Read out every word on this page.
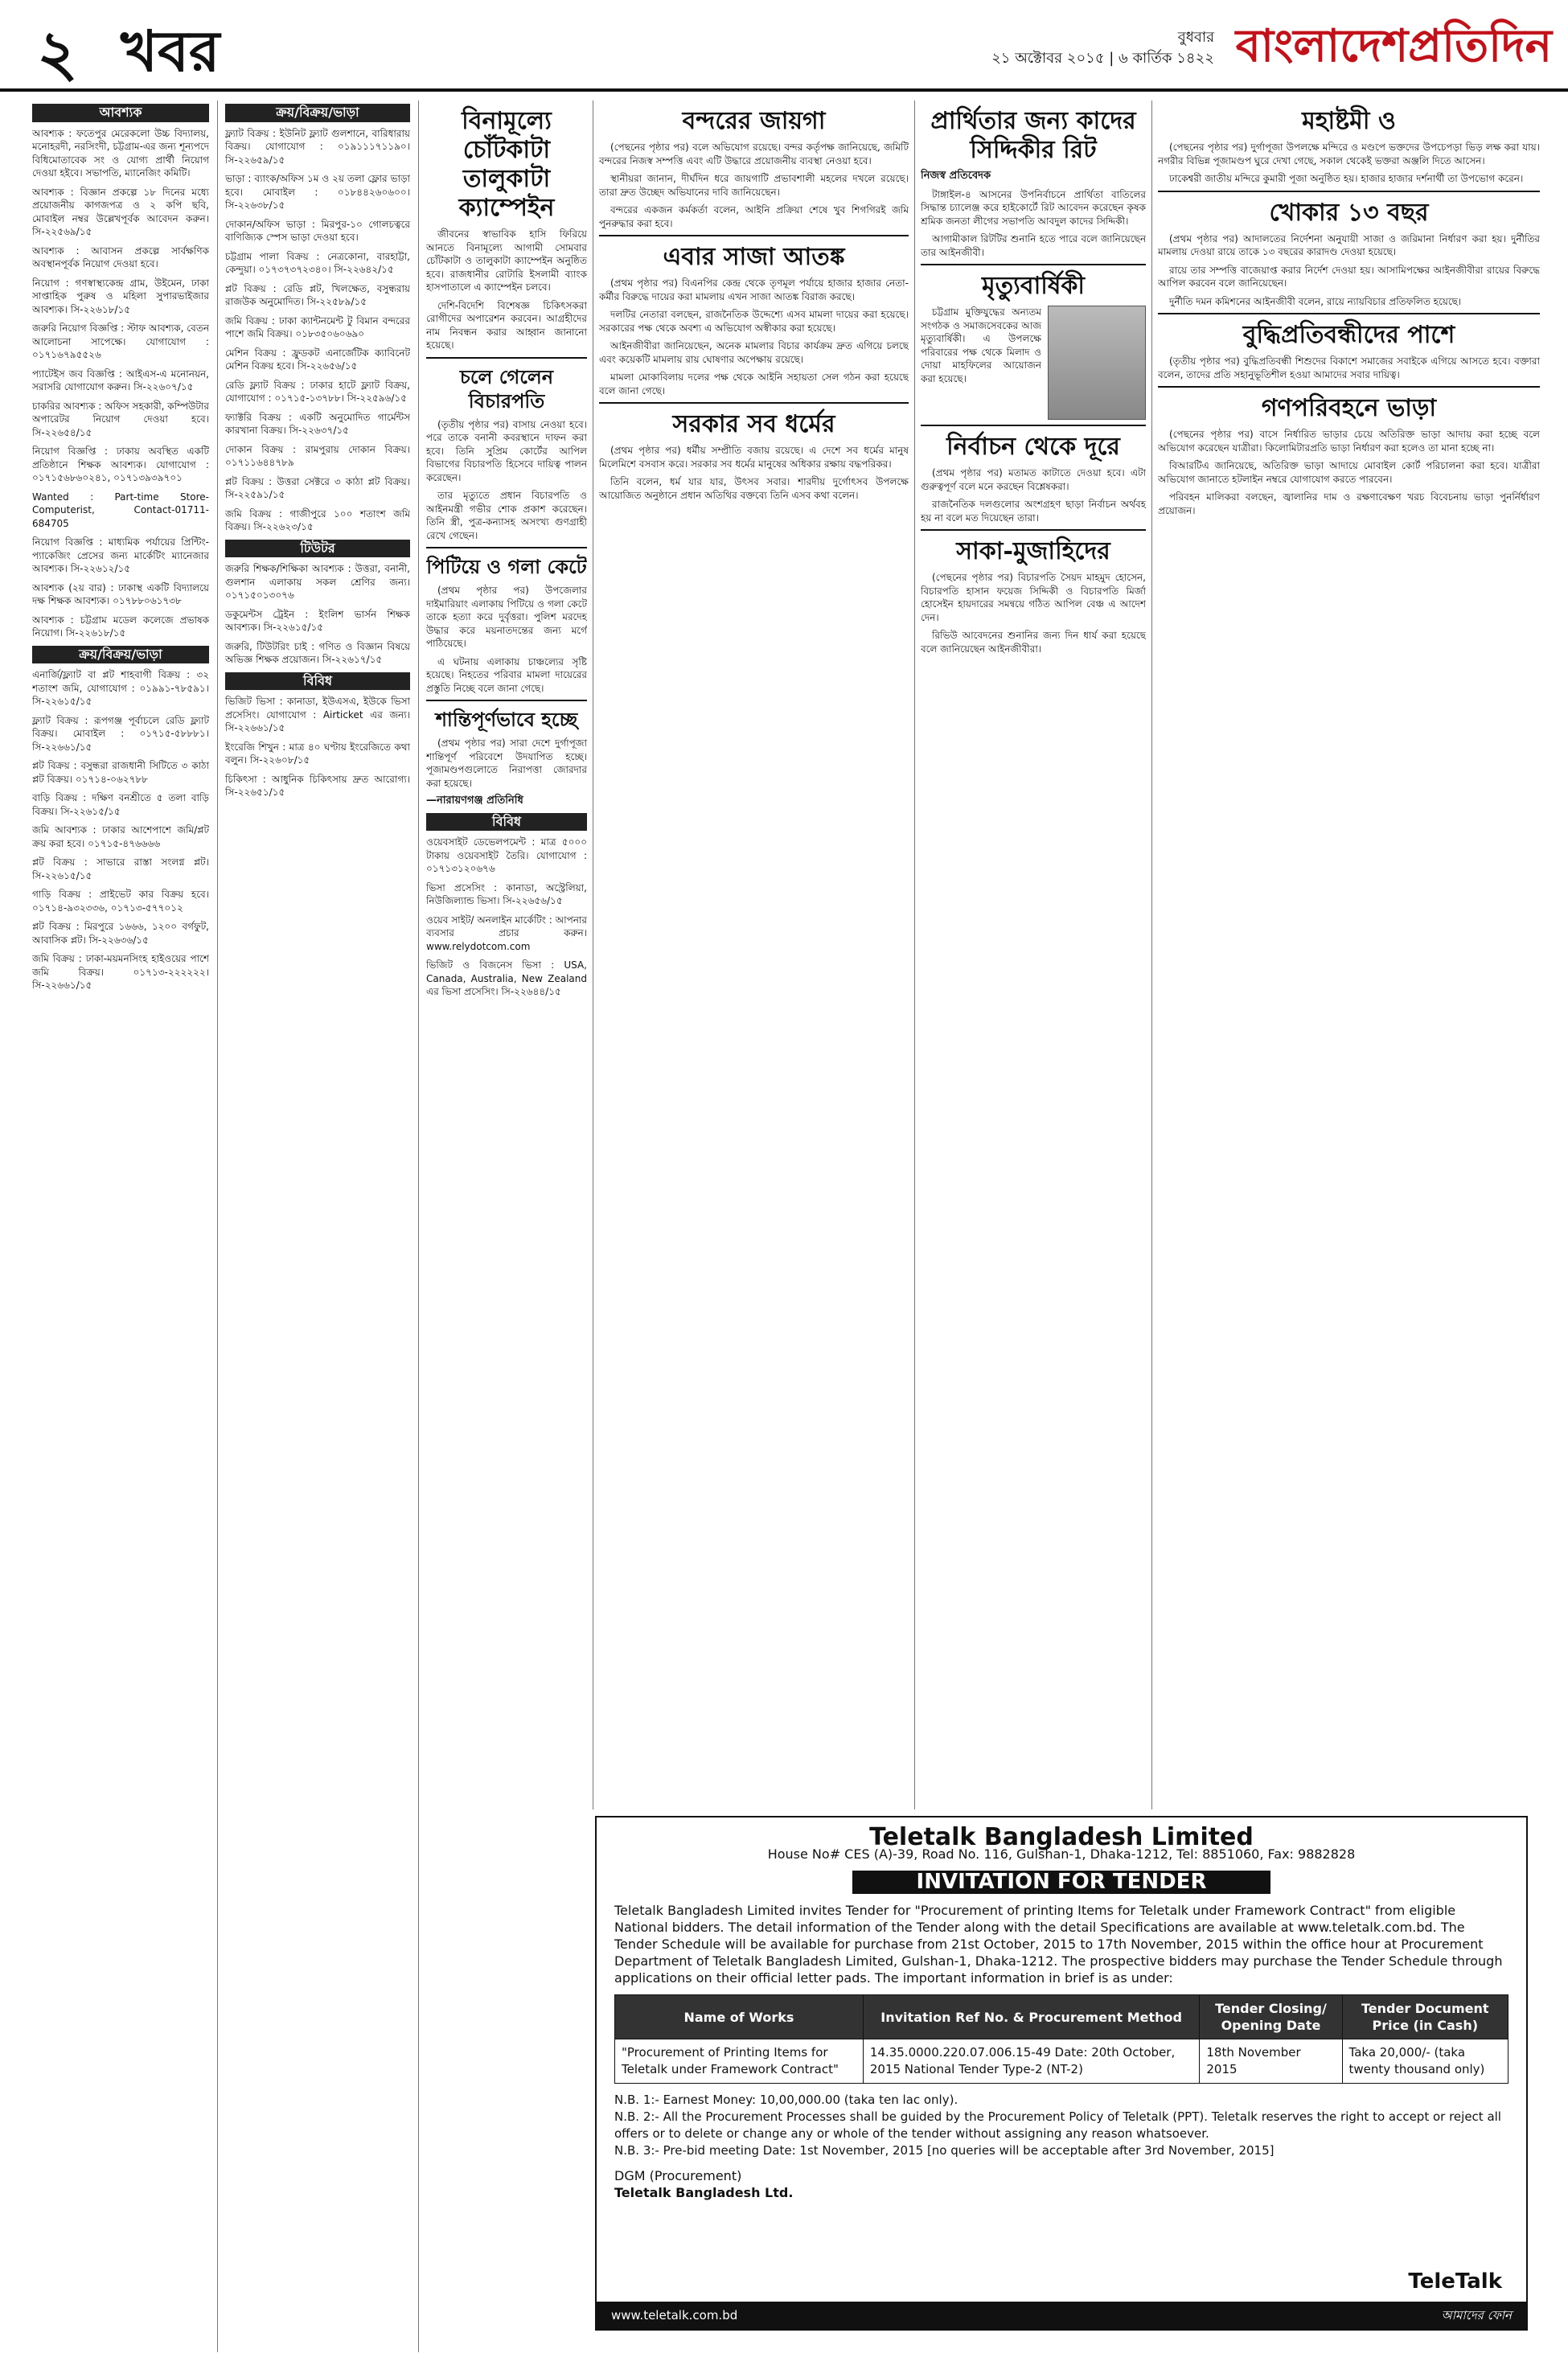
২ খবর	বুধবার
২১ অক্টোবর ২০১৫ | ৬ কার্তিক ১৪২২ বাংলাদেশপ্রতিদিন
আবশ্যক
আবশ্যক : ফতেপুর মেরেকলো উচ্চ বিদ্যালয়, মনোহরদী, নরসিংদী, চট্টগ্রাম-এর জন্য শূন্যপদে বিধিমোতাবেক সং ও যোগ্য প্রার্থী নিয়োগ দেওয়া হইবে। সভাপতি, ম্যানেজিং কমিটি।
আবশ্যক : বিজ্ঞান প্রকল্পে ১৮ দিনের মধ্যে প্রয়োজনীয় কাগজপত্র ও ২ কপি ছবি, মোবাইল নম্বর উল্লেখপূর্বক আবেদন করুন। সি-২২৫৬৯/১৫
আবশ্যক : আবাসন প্রকল্পে সার্বক্ষণিক অবস্থানপূর্বক নিয়োগ দেওয়া হবে।
নিয়োগ : গণস্বাস্থ্যকেন্দ্র গ্রাম, উইমেন, ঢাকা সাপ্তাহিক পুরুষ ও মহিলা সুপারভাইজার আবশ্যক। সি-২২৬১৮/১৫
জরুরি নিয়োগ বিজ্ঞপ্তি : স্টাফ আবশ্যক, বেতন আলোচনা সাপেক্ষে। যোগাযোগ : ০১৭১৬৭৯৫৫২৬
প্যাটেইস জব বিজ্ঞপ্তি : আইএস-এ মনোনয়ন, সরাসরি যোগাযোগ করুন। সি-২২৬০৭/১৫
চাকরির আবশ্যক : অফিস সহকারী, কম্পিউটার অপারেটর নিয়োগ দেওয়া হবে। সি-২২৬৫৪/১৫
নিয়োগ বিজ্ঞপ্তি : ঢাকায় অবস্থিত একটি প্রতিষ্ঠানে শিক্ষক আবশ্যক। যোগাযোগ : ০১৭১৫৬৮৬০২৪১, ০১৭১৩৯৩৯৭০১
Wanted : Part-time Store-Computerist, Contact-01711-684705
নিয়োগ বিজ্ঞপ্তি : মাধ্যমিক পর্যায়ের প্রিন্টিং-প্যাকেজিং প্রেসের জন্য মার্কেটিং ম্যানেজার আবশ্যক। সি-২২৬১২/১৫
আবশ্যক (২য় বার) : ঢাকাস্থ একটি বিদ্যালয়ে দক্ষ শিক্ষক আবশ্যক। ০১৭৮৮০৬১৭৩৮
আবশ্যক : চট্টগ্রাম মডেল কলেজে প্রভাষক নিয়োগ। সি-২২৬১৮/১৫
ক্রয়/বিক্রয়/ভাড়া
এনার্জি/ফ্ল্যাট বা প্লট শাহবাগী বিক্রয় : ৩২ শতাংশ জমি, যোগাযোগ : ০১৯৯১-৭৮৫৯১। সি-২২৬১৫/১৫
ফ্ল্যাট বিক্রয় : রূপগঞ্জ পূর্বাচলে রেডি ফ্ল্যাট বিক্রয়। মোবাইল : ০১৭১৫-৫৮৮৮১। সি-২২৬৬১/১৫
প্লট বিক্রয় : বসুন্ধরা রাজধানী সিটিতে ৩ কাঠা প্লট বিক্রয়। ০১৭১৪-০৬২৭৮৮
বাড়ি বিক্রয় : দক্ষিণ বনশ্রীতে ৫ তলা বাড়ি বিক্রয়। সি-২২৬১৫/১৫
জমি আবশ্যক : ঢাকার আশেপাশে জমি/প্লট ক্রয় করা হবে। ০১৭১৫-৪৭৬৬৬৬
প্লট বিক্রয় : সাভারে রাস্তা সংলগ্ন প্লট। সি-২২৬১৫/১৫
গাড়ি বিক্রয় : প্রাইভেট কার বিক্রয় হবে। ০১৭১৪-৯৩২৩৩৬, ০১৭১৩-৫৭৭০১২
প্লট বিক্রয় : মিরপুরে ১৬৬৬, ১২০০ বর্গফুট, আবাসিক প্লট। সি-২২৬৩৬/১৫
জমি বিক্রয় : ঢাকা-ময়মনসিংহ হাইওয়ের পাশে জমি বিক্রয়। ০১৭১৩-২২২২২২। সি-২২৬৬১/১৫
ক্রয়/বিক্রয়/ভাড়া
ফ্ল্যাট বিক্রয় : ইউনিট ফ্ল্যাট গুলশানে, বারিধারায় বিক্রয়। যোগাযোগ : ০১৯১১১৭১১৯০। সি-২২৬৫৯/১৫
ভাড়া : ব্যাংক/অফিস ১ম ও ২য় তলা ফ্লোর ভাড়া হবে। মোবাইল : ০১৮৪৪২৬০৬০০। সি-২২৬৩৮/১৫
দোকান/অফিস ভাড়া : মিরপুর-১০ গোলচত্বরে বাণিজ্যিক স্পেস ভাড়া দেওয়া হবে।
চট্টগ্রাম পালা বিক্রয় : নেত্রকোনা, বারহাট্টা, কেন্দুয়া। ০১৭৩৭৩৭২৩৪০। সি-২২৬৪২/১৫
প্লট বিক্রয় : রেডি প্লট, খিলক্ষেত, বসুন্ধরায় রাজউক অনুমোদিত। সি-২২৫৮৯/১৫
জমি বিক্রয় : ঢাকা ক্যান্টনমেন্ট টু বিমান বন্দরের পাশে জমি বিক্রয়। ০১৮৩৫০৬০৬৯০
মেশিন বিক্রয় : ফ্রুডকট এনার্জেটিক ক্যাবিনেট মেশিন বিক্রয় হবে। সি-২২৬৫৬/১৫
রেডি ফ্ল্যাট বিক্রয় : ঢাকার হাটে ফ্ল্যাট বিক্রয়, যোগাযোগ : ০১৭১৫-১৩৭৮৮। সি-২২৫৯৬/১৫
ফ্যাক্টরি বিক্রয় : একটি অনুমোদিত গার্মেন্টস কারখানা বিক্রয়। সি-২২৬৩৭/১৫
দোকান বিক্রয় : রামপুরায় দোকান বিক্রয়। ০১৭১১৬৪৪৭৮৯
প্লট বিক্রয় : উত্তরা সেক্টরে ৩ কাঠা প্লট বিক্রয়। সি-২২৫৯১/১৫
জমি বিক্রয় : গাজীপুরে ১০০ শতাংশ জমি বিক্রয়। সি-২২৬২৩/১৫
টিউটর
জরুরি শিক্ষক/শিক্ষিকা আবশ্যক : উত্তরা, বনানী, গুলশান এলাকায় সকল শ্রেণির জন্য। ০১৭১৫০১৩০৭৬
ডকুমেন্টস ট্রেইন : ইংলিশ ভার্সন শিক্ষক আবশ্যক। সি-২২৬১৫/১৫
জরুরি, টিউটরিং চাই : গণিত ও বিজ্ঞান বিষয়ে অভিজ্ঞ শিক্ষক প্রয়োজন। সি-২২৬১৭/১৫
বিবিধ
ভিজিট ভিসা : কানাডা, ইউএসএ, ইউকে ভিসা প্রসেসিং। যোগাযোগ : Airticket এর জন্য। সি-২২৬৬১/১৫
ইংরেজি শিখুন : মাত্র ৪০ ঘণ্টায় ইংরেজিতে কথা বলুন। সি-২২৬০৮/১৫
চিকিৎসা : আধুনিক চিকিৎসায় দ্রুত আরোগ্য। সি-২২৬৫১/১৫
বিনামূল্যে চোঁটকাটা তালুকাটা ক্যাম্পেইন

জীবনের স্বাভাবিক হাসি ফিরিয়ে আনতে বিনামূল্যে আগামী সোমবার চোঁটকাটা ও তালুকাটা ক্যাম্পেইন অনুষ্ঠিত হবে। রাজধানীর রোটারি ইসলামী ব্যাংক হাসপাতালে এ ক্যাম্পেইন চলবে।

দেশি-বিদেশি বিশেষজ্ঞ চিকিৎসকরা রোগীদের অপারেশন করবেন। আগ্রহীদের নাম নিবন্ধন করার আহ্বান জানানো হয়েছে।

চলে গেলেন বিচারপতি

(তৃতীয় পৃষ্ঠার পর) বাসায় নেওয়া হবে। পরে তাকে বনানী কবরস্থানে দাফন করা হবে। তিনি সুপ্রিম কোর্টের আপিল বিভাগের বিচারপতি হিসেবে দায়িত্ব পালন করেছেন।

তার মৃত্যুতে প্রধান বিচারপতি ও আইনমন্ত্রী গভীর শোক প্রকাশ করেছেন। তিনি স্ত্রী, পুত্র-কন্যাসহ অসংখ্য গুণগ্রাহী রেখে গেছেন।

পিটিয়ে ও গলা কেটে

(প্রথম পৃষ্ঠার পর) উপজেলার দাইমারিয়াং এলাকায় পিটিয়ে ও গলা কেটে তাকে হত্যা করে দুর্বৃত্তরা। পুলিশ মরদেহ উদ্ধার করে ময়নাতদন্তের জন্য মর্গে পাঠিয়েছে।

এ ঘটনায় এলাকায় চাঞ্চল্যের সৃষ্টি হয়েছে। নিহতের পরিবার মামলা দায়েরের প্রস্তুতি নিচ্ছে বলে জানা গেছে।

শান্তিপূর্ণভাবে হচ্ছে

(প্রথম পৃষ্ঠার পর) সারা দেশে দুর্গাপূজা শান্তিপূর্ণ পরিবেশে উদযাপিত হচ্ছে। পূজামণ্ডপগুলোতে নিরাপত্তা জোরদার করা হয়েছে।

—নারায়ণগঞ্জ প্রতিনিধি
বিবিধ
ওয়েবসাইট ডেভেলপমেন্ট : মাত্র ৫০০০ টাকায় ওয়েবসাইট তৈরি। যোগাযোগ : ০১৭১৩১২০৬৭৬
ভিসা প্রসেসিং : কানাডা, অস্ট্রেলিয়া, নিউজিল্যান্ড ভিসা। সি-২২৬৫৬/১৫
ওয়েব সাইট/ অনলাইন মার্কেটিং : আপনার ব্যবসার প্রচার করুন। www.relydotcom.com
ভিজিট ও বিজনেস ভিসা : USA, Canada, Australia, New Zealand এর ভিসা প্রসেসিং। সি-২২৬৪৪/১৫
বন্দরের জায়গা

(পেছনের পৃষ্ঠার পর) বলে অভিযোগ রয়েছে। বন্দর কর্তৃপক্ষ জানিয়েছে, জমিটি বন্দরের নিজস্ব সম্পত্তি এবং এটি উদ্ধারে প্রয়োজনীয় ব্যবস্থা নেওয়া হবে।

স্থানীয়রা জানান, দীর্ঘদিন ধরে জায়গাটি প্রভাবশালী মহলের দখলে রয়েছে। তারা দ্রুত উচ্ছেদ অভিযানের দাবি জানিয়েছেন।

বন্দরের একজন কর্মকর্তা বলেন, আইনি প্রক্রিয়া শেষে খুব শিগগিরই জমি পুনরুদ্ধার করা হবে।

এবার সাজা আতঙ্ক

(প্রথম পৃষ্ঠার পর) বিএনপির কেন্দ্র থেকে তৃণমূল পর্যায়ে হাজার হাজার নেতা-কর্মীর বিরুদ্ধে দায়ের করা মামলায় এখন সাজা আতঙ্ক বিরাজ করছে।

দলটির নেতারা বলছেন, রাজনৈতিক উদ্দেশ্যে এসব মামলা দায়ের করা হয়েছে। সরকারের পক্ষ থেকে অবশ্য এ অভিযোগ অস্বীকার করা হয়েছে।

আইনজীবীরা জানিয়েছেন, অনেক মামলার বিচার কার্যক্রম দ্রুত এগিয়ে চলছে এবং কয়েকটি মামলায় রায় ঘোষণার অপেক্ষায় রয়েছে।

মামলা মোকাবিলায় দলের পক্ষ থেকে আইনি সহায়তা সেল গঠন করা হয়েছে বলে জানা গেছে।

সরকার সব ধর্মের

(প্রথম পৃষ্ঠার পর) ধর্মীয় সম্প্রীতি বজায় রয়েছে। এ দেশে সব ধর্মের মানুষ মিলেমিশে বসবাস করে। সরকার সব ধর্মের মানুষের অধিকার রক্ষায় বদ্ধপরিকর।

তিনি বলেন, ধর্ম যার যার, উৎসব সবার। শারদীয় দুর্গোৎসব উপলক্ষে আয়োজিত অনুষ্ঠানে প্রধান অতিথির বক্তব্যে তিনি এসব কথা বলেন।

প্রার্থিতার জন্য কাদের সিদ্দিকীর রিট
নিজস্ব প্রতিবেদক

টাঙ্গাইল-৪ আসনের উপনির্বাচনে প্রার্থিতা বাতিলের সিদ্ধান্ত চ্যালেঞ্জ করে হাইকোর্টে রিট আবেদন করেছেন কৃষক শ্রমিক জনতা লীগের সভাপতি আবদুল কাদের সিদ্দিকী।

আগামীকাল রিটটির শুনানি হতে পারে বলে জানিয়েছেন তার আইনজীবী।

মৃত্যুবার্ষিকী

চট্টগ্রাম মুক্তিযুদ্ধের অন্যতম সংগঠক ও সমাজসেবকের আজ মৃত্যুবার্ষিকী। এ উপলক্ষে পরিবারের পক্ষ থেকে মিলাদ ও দোয়া মাহফিলের আয়োজন করা হয়েছে।

নির্বাচন থেকে দূরে

(প্রথম পৃষ্ঠার পর) মতামত কাটাতে দেওয়া হবে। এটা গুরুত্বপূর্ণ বলে মনে করছেন বিশ্লেষকরা।

রাজনৈতিক দলগুলোর অংশগ্রহণ ছাড়া নির্বাচন অর্থবহ হয় না বলে মত দিয়েছেন তারা।

সাকা-মুজাহিদের

(পেছনের পৃষ্ঠার পর) বিচারপতি সৈয়দ মাহমুদ হোসেন, বিচারপতি হাসান ফয়েজ সিদ্দিকী ও বিচারপতি মির্জা হোসেইন হায়দারের সমন্বয়ে গঠিত আপিল বেঞ্চ এ আদেশ দেন।

রিভিউ আবেদনের শুনানির জন্য দিন ধার্য করা হয়েছে বলে জানিয়েছেন আইনজীবীরা।

মহাষ্টমী ও

(পেছনের পৃষ্ঠার পর) দুর্গাপূজা উপলক্ষে মন্দিরে ও মণ্ডপে ভক্তদের উপচেপড়া ভিড় লক্ষ করা যায়। নগরীর বিভিন্ন পূজামণ্ডপ ঘুরে দেখা গেছে, সকাল থেকেই ভক্তরা অঞ্জলি দিতে আসেন।

ঢাকেশ্বরী জাতীয় মন্দিরে কুমারী পূজা অনুষ্ঠিত হয়। হাজার হাজার দর্শনার্থী তা উপভোগ করেন।

খোকার ১৩ বছর

(প্রথম পৃষ্ঠার পর) আদালতের নির্দেশনা অনুযায়ী সাজা ও জরিমানা নির্ধারণ করা হয়। দুর্নীতির মামলায় দেওয়া রায়ে তাকে ১৩ বছরের কারাদণ্ড দেওয়া হয়েছে।

রায়ে তার সম্পত্তি বাজেয়াপ্ত করার নির্দেশ দেওয়া হয়। আসামিপক্ষের আইনজীবীরা রায়ের বিরুদ্ধে আপিল করবেন বলে জানিয়েছেন।

দুর্নীতি দমন কমিশনের আইনজীবী বলেন, রায়ে ন্যায়বিচার প্রতিফলিত হয়েছে।

বুদ্ধিপ্রতিবন্ধীদের পাশে

(তৃতীয় পৃষ্ঠার পর) বুদ্ধিপ্রতিবন্ধী শিশুদের বিকাশে সমাজের সবাইকে এগিয়ে আসতে হবে। বক্তারা বলেন, তাদের প্রতি সহানুভূতিশীল হওয়া আমাদের সবার দায়িত্ব।

গণপরিবহনে ভাড়া

(পেছনের পৃষ্ঠার পর) বাসে নির্ধারিত ভাড়ার চেয়ে অতিরিক্ত ভাড়া আদায় করা হচ্ছে বলে অভিযোগ করেছেন যাত্রীরা। কিলোমিটারপ্রতি ভাড়া নির্ধারণ করা হলেও তা মানা হচ্ছে না।

বিআরটিএ জানিয়েছে, অতিরিক্ত ভাড়া আদায়ে মোবাইল কোর্ট পরিচালনা করা হবে। যাত্রীরা অভিযোগ জানাতে হটলাইন নম্বরে যোগাযোগ করতে পারবেন।

পরিবহন মালিকরা বলছেন, জ্বালানির দাম ও রক্ষণাবেক্ষণ খরচ বিবেচনায় ভাড়া পুনর্নির্ধারণ প্রয়োজন।

Teletalk Bangladesh Limited
House No# CES (A)-39, Road No. 116, Gulshan-1, Dhaka-1212, Tel: 8851060, Fax: 9882828
INVITATION FOR TENDER
Teletalk Bangladesh Limited invites Tender for "Procurement of printing Items for Teletalk under Framework Contract" from eligible National bidders. The detail information of the Tender along with the detail Specifications are available at www.teletalk.com.bd. The Tender Schedule will be available for purchase from 21st October, 2015 to 17th November, 2015 within the office hour at Procurement Department of Teletalk Bangladesh Limited, Gulshan-1, Dhaka-1212. The prospective bidders may purchase the Tender Schedule through applications on their official letter pads. The important information in brief is as under:
Name of Works	Invitation Ref No. & Procurement Method	Tender Closing/ Opening Date	Tender Document Price (in Cash)
"Procurement of Printing Items for Teletalk under Framework Contract"	14.35.0000.220.07.006.15-49 Date: 20th October, 2015 National Tender Type-2 (NT-2)	18th November 2015	Taka 20,000/- (taka twenty thousand only)
N.B. 1:- Earnest Money: 10,00,000.00 (taka ten lac only).
N.B. 2:- All the Procurement Processes shall be guided by the Procurement Policy of Teletalk (PPT). Teletalk reserves the right to accept or reject all offers or to delete or change any or whole of the tender without assigning any reason whatsoever.
N.B. 3:- Pre-bid meeting Date: 1st November, 2015 [no queries will be acceptable after 3rd November, 2015]
DGM (Procurement)
Teletalk Bangladesh Ltd.
TeleTalk
www.teletalk.com.bd	আমাদের ফোন
